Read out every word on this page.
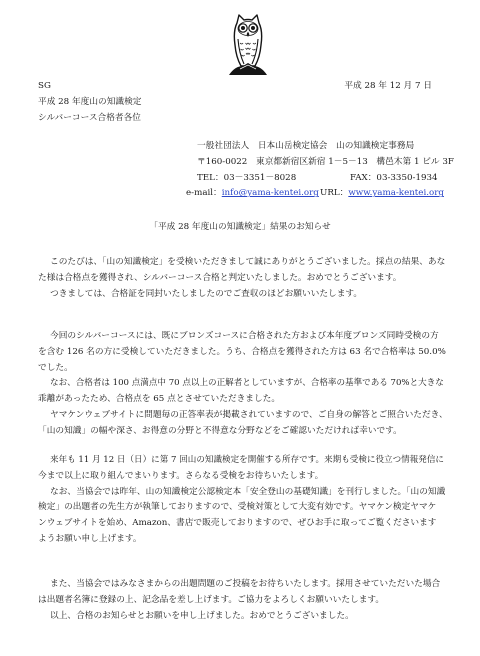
SG
平成 28 年度山の知識検定
シルバーコース合格者各位
平成 28 年 12 月 7 日
一般社団法人　日本山岳検定協会　山の知識検定事務局
〒160-0022　東京都新宿区新宿 1－5－13　構邑木第 1 ビル 3F
TEL：03－3351－8028	FAX：03-3350-1934
e-mail：info@yama-kentei.orgURL：www.yama-kentei.org
「平成 28 年度山の知識検定」結果のお知らせ
このたびは、「山の知識検定」を受検いただきまして誠にありがとうございました。採点の結果、あな
た様は合格点を獲得され、シルバーコース合格と判定いたしました。おめでとうございます。
つきましては、合格証を同封いたしましたのでご査収のほどお願いいたします。
今回のシルバーコースには、既にブロンズコースに合格された方および本年度ブロンズ同時受検の方
を含む 126 名の方に受検していただきました。うち、合格点を獲得された方は 63 名で合格率は 50.0%
でした。
なお、合格者は 100 点満点中 70 点以上の正解者としていますが、合格率の基準である 70%と大きな
乖離があったため、合格点を 65 点とさせていただきました。
ヤマケンウェブサイトに問題毎の正答率表が掲載されていますので、ご自身の解答とご照合いただき、
「山の知識」の幅や深さ、お得意の分野と不得意な分野などをご確認いただければ幸いです。
来年も 11 月 12 日（日）に第 7 回山の知識検定を開催する所存です。来期も受検に役立つ情報発信に
今まで以上に取り組んでまいります。さらなる受検をお待ちいたします。
なお、当協会では昨年、山の知識検定公認検定本「安全登山の基礎知識」を刊行しました。「山の知識
検定」の出題者の先生方が執筆しておりますので、受検対策として大変有効です。ヤマケン検定ヤマケ
ンウェブサイトを始め、Amazon、書店で販売しておりますので、ぜひお手に取ってご覧くださいます
ようお願い申し上げます。
また、当協会ではみなさまからの出題問題のご投稿をお待ちいたします。採用させていただいた場合
は出題者名簿に登録の上、記念品を差し上げます。ご協力をよろしくお願いいたします。
以上、合格のお知らせとお願いを申し上げました。おめでとうございました。
